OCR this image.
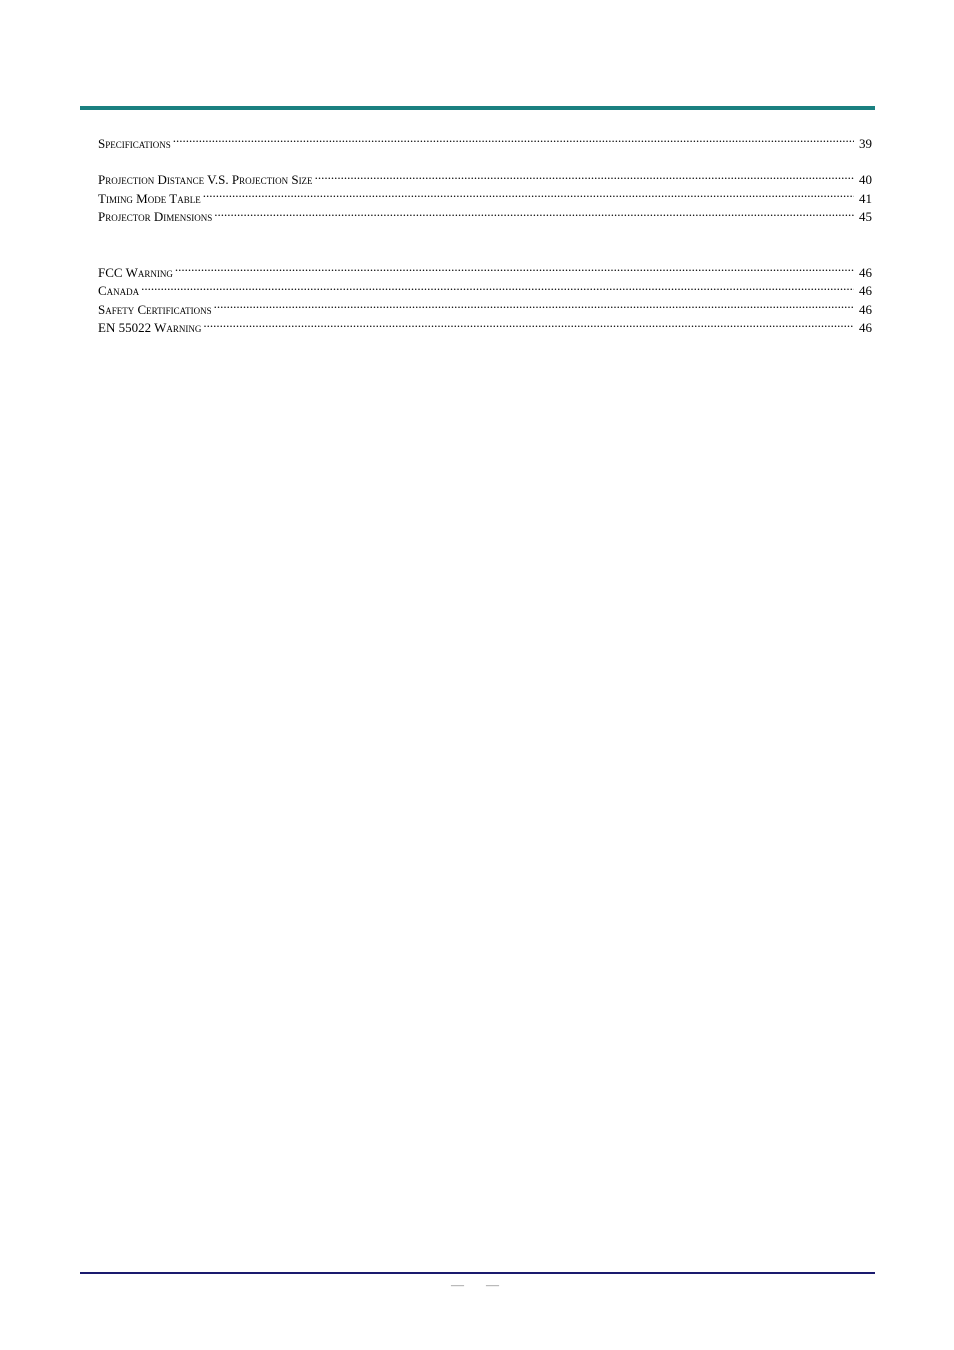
Specifications .....	39
Projection Distance V.S. Projection Size .....	40
Timing Mode Table .....	41
Projector Dimensions .....	45
FCC Warning .....	46
Canada .....	46
Safety Certifications .....	46
EN 55022 Warning .....	46
— —
